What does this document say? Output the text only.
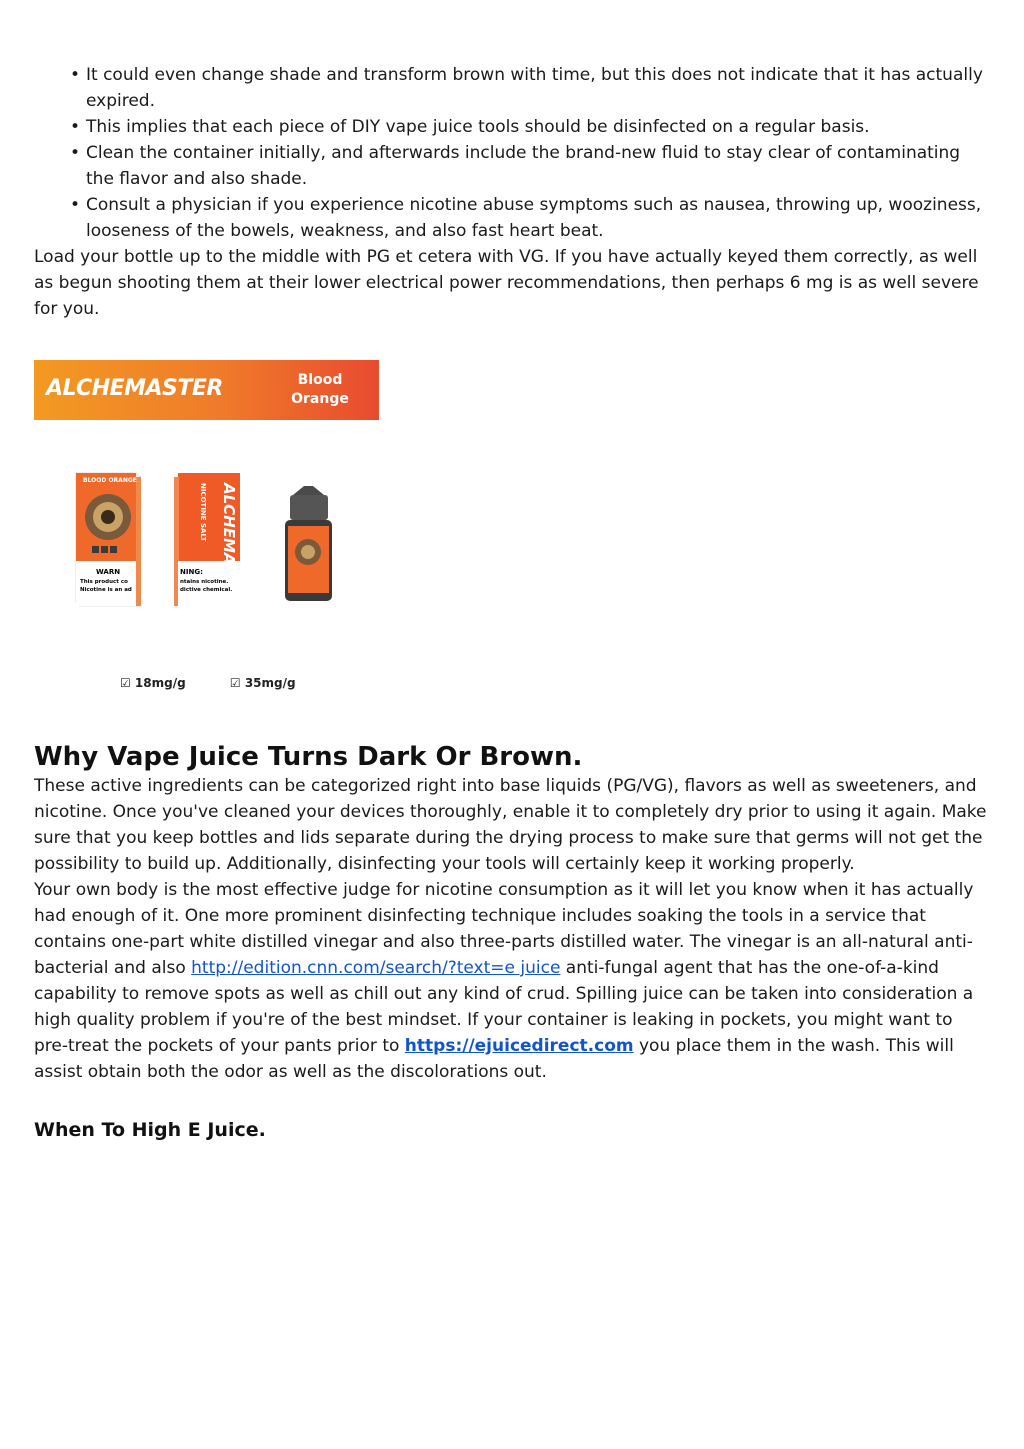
• It could even change shade and transform brown with time, but this does not indicate that it has actually expired.
• This implies that each piece of DIY vape juice tools should be disinfected on a regular basis.
• Clean the container initially, and afterwards include the brand-new fluid to stay clear of contaminating the flavor and also shade.
• Consult a physician if you experience nicotine abuse symptoms such as nausea, throwing up, wooziness, looseness of the bowels, weakness, and also fast heart beat.

Load your bottle up to the middle with PG et cetera with VG. If you have actually keyed them correctly, as well as begun shooting them at their lower electrical power recommendations, then perhaps 6 mg is as well severe for you.

ALCHEMASTER	Blood
Orange
BLOOD ORANGE
WARN
This product co
Nicotine is an ad	ALCHEMASTER
NICOTINE SALT
NING:
ntains nicotine.
dictive chemical.
☑ 18mg/g	☑ 35mg/g
Why Vape Juice Turns Dark Or Brown.

These active ingredients can be categorized right into base liquids (PG/VG), flavors as well as sweeteners, and nicotine. Once you've cleaned your devices thoroughly, enable it to completely dry prior to using it again. Make sure that you keep bottles and lids separate during the drying process to make sure that germs will not get the possibility to build up. Additionally, disinfecting your tools will certainly keep it working properly.

Your own body is the most effective judge for nicotine consumption as it will let you know when it has actually had enough of it. One more prominent disinfecting technique includes soaking the tools in a service that contains one-part white distilled vinegar and also three-parts distilled water. The vinegar is an all-natural anti-bacterial and also http://edition.cnn.com/search/?text=e juice anti-fungal agent that has the one-of-a-kind capability to remove spots as well as chill out any kind of crud. Spilling juice can be taken into consideration a high quality problem if you're of the best mindset. If your container is leaking in pockets, you might want to pre-treat the pockets of your pants prior to https://ejuicedirect.com you place them in the wash. This will assist obtain both the odor as well as the discolorations out.

When To High E Juice.
